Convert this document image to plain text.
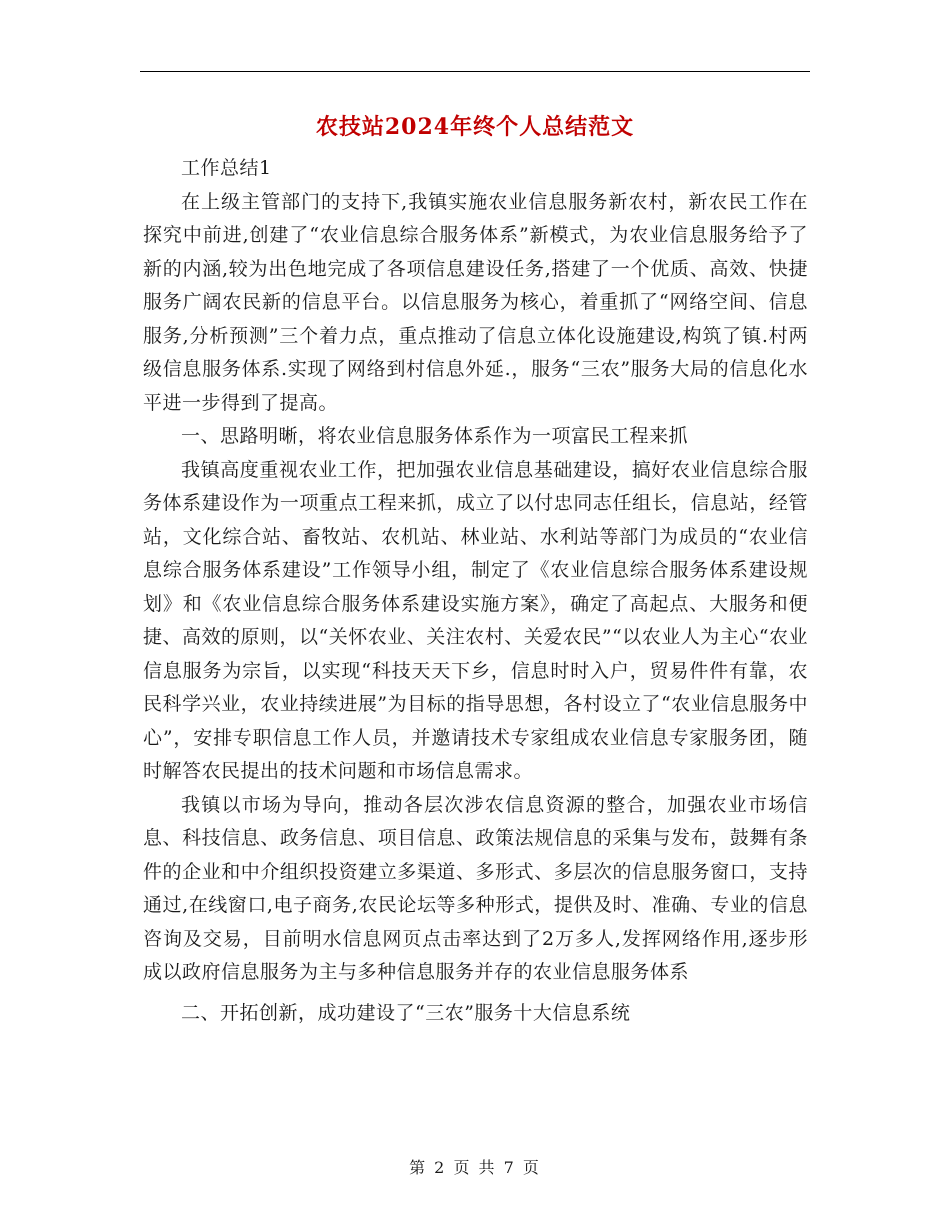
农技站2024年终个人总结范文

工作总结1

在上级主管部门的支持下,我镇实施农业信息服务新农村，新农民工作在探究中前进,创建了“农业信息综合服务体系”新模式，为农业信息服务给予了新的内涵,较为出色地完成了各项信息建设任务,搭建了一个优质、高效、快捷服务广阔农民新的信息平台。以信息服务为核心，着重抓了“网络空间、信息服务,分析预测”三个着力点，重点推动了信息立体化设施建设,构筑了镇.村两级信息服务体系.实现了网络到村信息外延.，服务“三农”服务大局的信息化水平进一步得到了提高。

一、思路明晰，将农业信息服务体系作为一项富民工程来抓

我镇高度重视农业工作，把加强农业信息基础建设，搞好农业信息综合服务体系建设作为一项重点工程来抓，成立了以付忠同志任组长，信息站，经管站，文化综合站、畜牧站、农机站、林业站、水利站等部门为成员的“农业信息综合服务体系建设”工作领导小组，制定了《农业信息综合服务体系建设规划》和《农业信息综合服务体系建设实施方案》，确定了高起点、大服务和便捷、高效的原则，以“关怀农业、关注农村、关爱农民”“以农业人为主心“农业信息服务为宗旨，以实现“科技天天下乡，信息时时入户，贸易件件有靠，农民科学兴业，农业持续进展”为目标的指导思想，各村设立了“农业信息服务中心”，安排专职信息工作人员，并邀请技术专家组成农业信息专家服务团，随时解答农民提出的技术问题和市场信息需求。

我镇以市场为导向，推动各层次涉农信息资源的整合，加强农业市场信息、科技信息、政务信息、项目信息、政策法规信息的采集与发布，鼓舞有条件的企业和中介组织投资建立多渠道、多形式、多层次的信息服务窗口，支持通过,在线窗口,电子商务,农民论坛等多种形式，提供及时、准确、专业的信息咨询及交易，目前明水信息网页点击率达到了2万多人,发挥网络作用,逐步形成以政府信息服务为主与多种信息服务并存的农业信息服务体系

二、开拓创新，成功建设了“三农”服务十大信息系统

第 2 页 共 7 页
